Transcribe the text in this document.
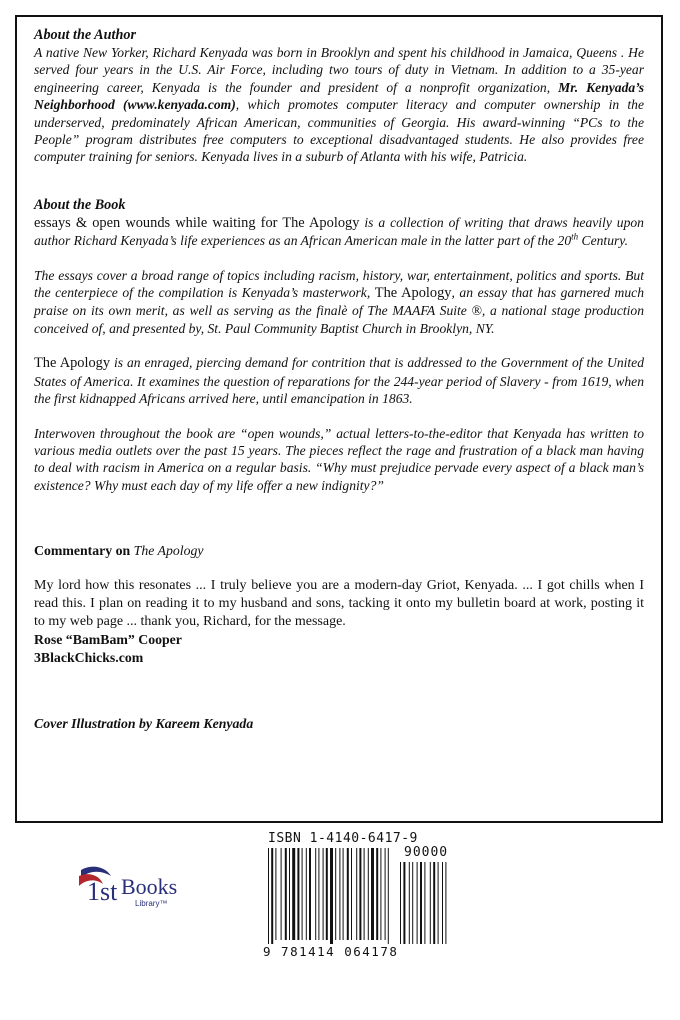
About the Author

A native New Yorker, Richard Kenyada was born in Brooklyn and spent his childhood in Jamaica, Queens . He served four years in the U.S. Air Force, including two tours of duty in Vietnam. In addition to a 35-year engineering career, Kenyada is the founder and president of a nonprofit organization, Mr. Kenyada’s Neighborhood (www.kenyada.com), which promotes computer literacy and computer ownership in the underserved, predominately African American, communities of Georgia. His award-winning “PCs to the People” program distributes free computers to exceptional disadvantaged students. He also provides free computer training for seniors. Kenyada lives in a suburb of Atlanta with his wife, Patricia.

About the Book

essays & open wounds while waiting for The Apology is a collection of writing that draws heavily upon author Richard Kenyada’s life experiences as an African American male in the latter part of the 20th Century.

The essays cover a broad range of topics including racism, history, war, entertainment, politics and sports. But the centerpiece of the compilation is Kenyada’s masterwork, The Apology, an essay that has garnered much praise on its own merit, as well as serving as the finalè of The MAAFA Suite ®, a national stage production conceived of, and presented by, St. Paul Community Baptist Church in Brooklyn, NY.

The Apology is an enraged, piercing demand for contrition that is addressed to the Government of the United States of America. It examines the question of reparations for the 244-year period of Slavery - from 1619, when the first kidnapped Africans arrived here, until emancipation in 1863.

Interwoven throughout the book are “open wounds,” actual letters-to-the-editor that Kenyada has written to various media outlets over the past 15 years. The pieces reflect the rage and frustration of a black man having to deal with racism in America on a regular basis. “Why must prejudice pervade every aspect of a black man’s existence? Why must each day of my life offer a new indignity?”

Commentary on The Apology

My lord how this resonates ... I truly believe you are a modern-day Griot, Kenyada. ... I got chills when I read this. I plan on reading it to my husband and sons, tacking it onto my bulletin board at work, posting it to my web page ... thank you, Richard, for the message.

Rose “BamBam” Cooper
3BlackChicks.com
Cover Illustration by Kareem Kenyada
1st Books
Library™
ISBN 1-4140-6417-9
90000
9 781414 064178
